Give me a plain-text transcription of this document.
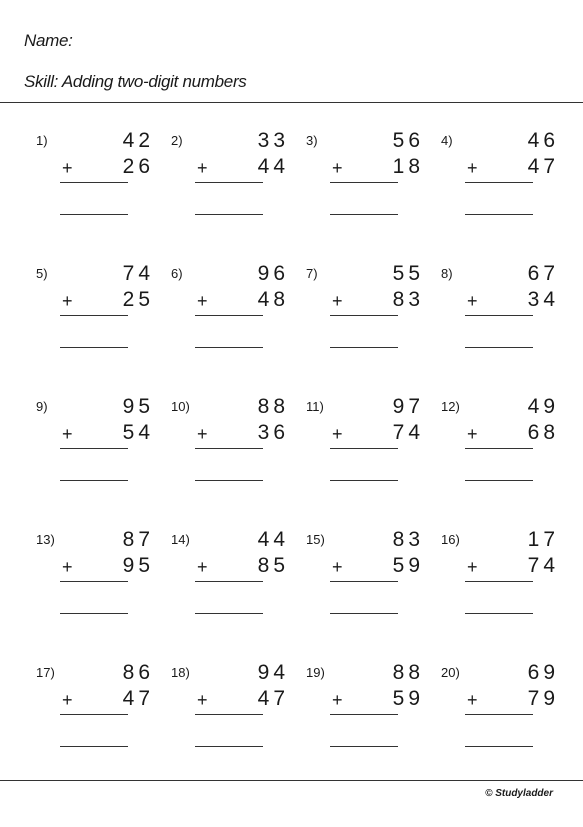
Name:
Skill: Adding two-digit numbers
1)	42
+	26
2)	33
+	44
3)	56
+	18
4)	46
+	47
5)	74
+	25
6)	96
+	48
7)	55
+	83
8)	67
+	34
9)	95
+	54
10)	88
+	36
11)	97
+	74
12)	49
+	68
13)	87
+	95
14)	44
+	85
15)	83
+	59
16)	17
+	74
17)	86
+	47
18)	94
+	47
19)	88
+	59
20)	69
+	79
© Studyladder
